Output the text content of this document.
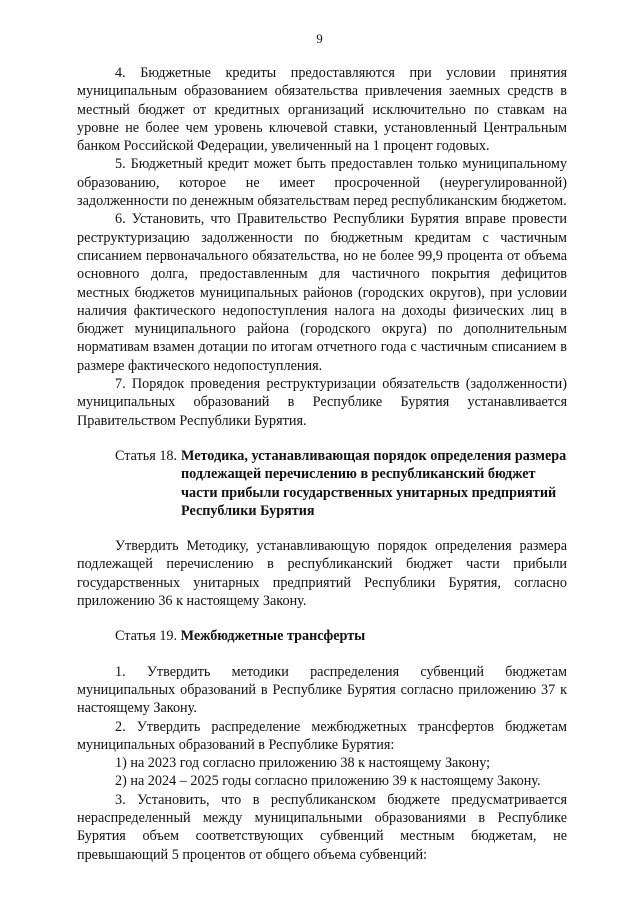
9

4. Бюджетные кредиты предоставляются при условии принятия муниципальным образованием обязательства привлечения заемных средств в местный бюджет от кредитных организаций исключительно по ставкам на уровне не более чем уровень ключевой ставки, установленный Центральным банком Российской Федерации, увеличенный на 1 процент годовых.

5. Бюджетный кредит может быть предоставлен только муниципальному образованию, которое не имеет просроченной (неурегулированной) задолженности по денежным обязательствам перед республиканским бюджетом.

6. Установить, что Правительство Республики Бурятия вправе провести реструктуризацию задолженности по бюджетным кредитам с частичным списанием первоначального обязательства, но не более 99,9 процента от объема основного долга, предоставленным для частичного покрытия дефицитов местных бюджетов муниципальных районов (городских округов), при условии наличия фактического недопоступления налога на доходы физических лиц в бюджет муниципального района (городского округа) по дополнительным нормативам взамен дотации по итогам отчетного года с частичным списанием в размере фактического недопоступления.

7. Порядок проведения реструктуризации обязательств (задолженности) муниципальных образований в Республике Бурятия устанавливается Правительством Республики Бурятия.

Статья 18. Методика, устанавливающая порядок определения размера подлежащей перечислению в республиканский бюджет части прибыли государственных унитарных предприятий Республики Бурятия

Утвердить Методику, устанавливающую порядок определения размера подлежащей перечислению в республиканский бюджет части прибыли государственных унитарных предприятий Республики Бурятия, согласно приложению 36 к настоящему Закону.

Статья 19. Межбюджетные трансферты

1. Утвердить методики распределения субвенций бюджетам муниципальных образований в Республике Бурятия согласно приложению 37 к настоящему Закону.

2. Утвердить распределение межбюджетных трансфертов бюджетам муниципальных образований в Республике Бурятия:

1) на 2023 год согласно приложению 38 к настоящему Закону;

2) на 2024 – 2025 годы согласно приложению 39 к настоящему Закону.

3. Установить, что в республиканском бюджете предусматривается нераспределенный между муниципальными образованиями в Республике Бурятия объем соответствующих субвенций местным бюджетам, не превышающий 5 процентов от общего объема субвенций:
